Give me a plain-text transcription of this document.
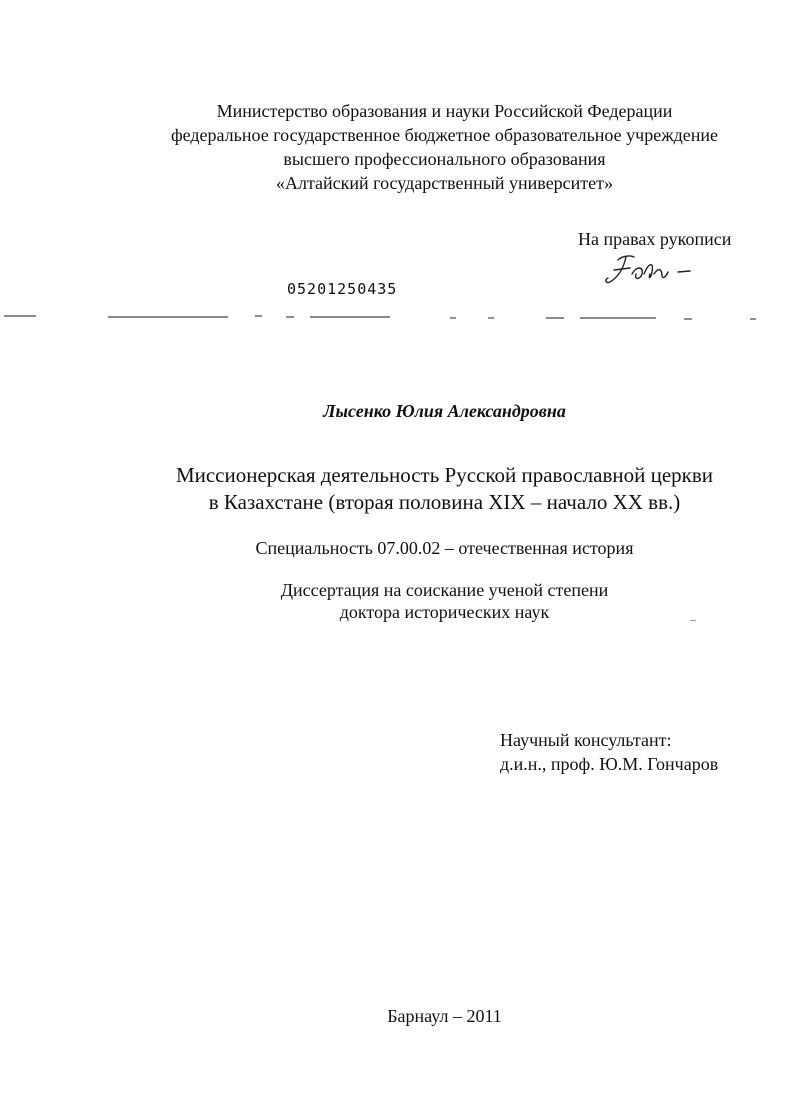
Министерство образования и науки Российской Федерации
федеральное государственное бюджетное образовательное учреждение
высшего профессионального образования
«Алтайский государственный университет»
На правах рукописи
05201250435
Лысенко Юлия Александровна
Миссионерская деятельность Русской православной церкви
в Казахстане (вторая половина XIX – начало XX вв.)
Специальность 07.00.02 – отечественная история
Диссертация на соискание ученой степени
доктора исторических наук
Научный консультант:
д.и.н., проф. Ю.М. Гончаров
Барнаул – 2011
